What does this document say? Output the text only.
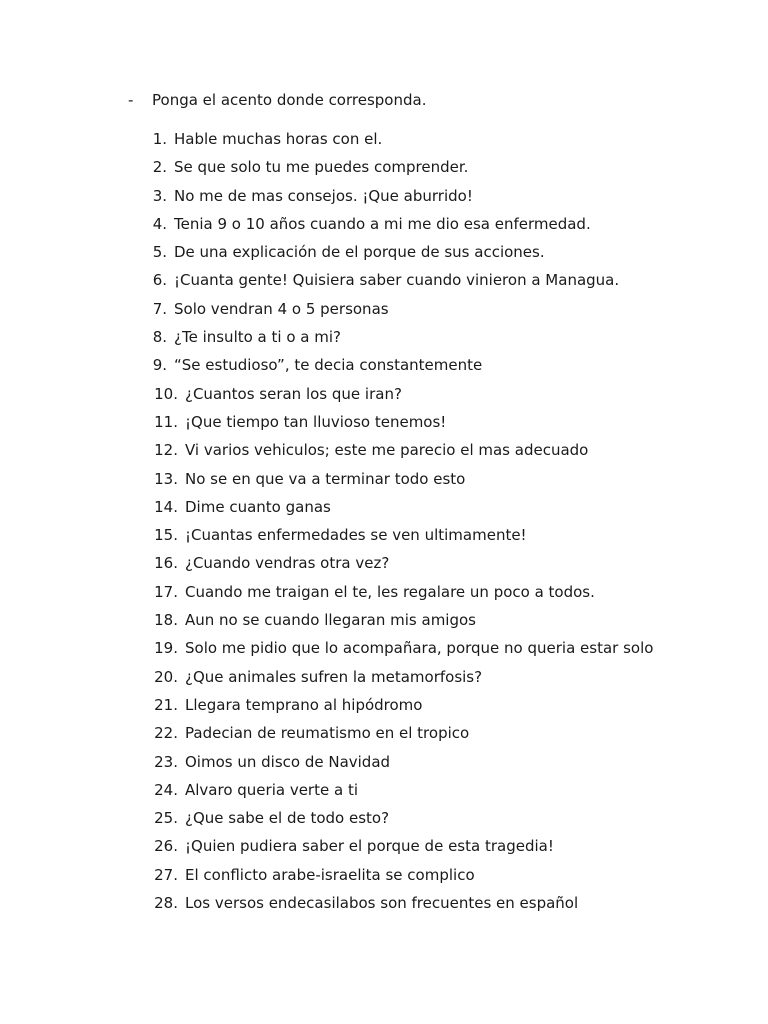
-	Ponga el acento donde corresponda.
1. Hable muchas horas con el.
2. Se que solo tu me puedes comprender.
3. No me de mas consejos. ¡Que aburrido!
4. Tenia 9 o 10 años cuando a mi me dio esa enfermedad.
5. De una explicación de el porque de sus acciones.
6. ¡Cuanta gente! Quisiera saber cuando vinieron a Managua.
7. Solo vendran 4 o 5 personas
8. ¿Te insulto a ti o a mi?
9. “Se estudioso”, te decia constantemente
10. ¿Cuantos seran los que iran?
11. ¡Que tiempo tan lluvioso tenemos!
12. Vi varios vehiculos; este me parecio el mas adecuado
13. No se en que va a terminar todo esto
14. Dime cuanto ganas
15. ¡Cuantas enfermedades se ven ultimamente!
16. ¿Cuando vendras otra vez?
17. Cuando me traigan el te, les regalare un poco a todos.
18. Aun no se cuando llegaran mis amigos
19. Solo me pidio que lo acompañara, porque no queria estar solo
20. ¿Que animales sufren la metamorfosis?
21. Llegara temprano al hipódromo
22. Padecian de reumatismo en el tropico
23. Oimos un disco de Navidad
24. Alvaro queria verte a ti
25. ¿Que sabe el de todo esto?
26. ¡Quien pudiera saber el porque de esta tragedia!
27. El conflicto arabe-israelita se complico
28. Los versos endecasilabos son frecuentes en español
